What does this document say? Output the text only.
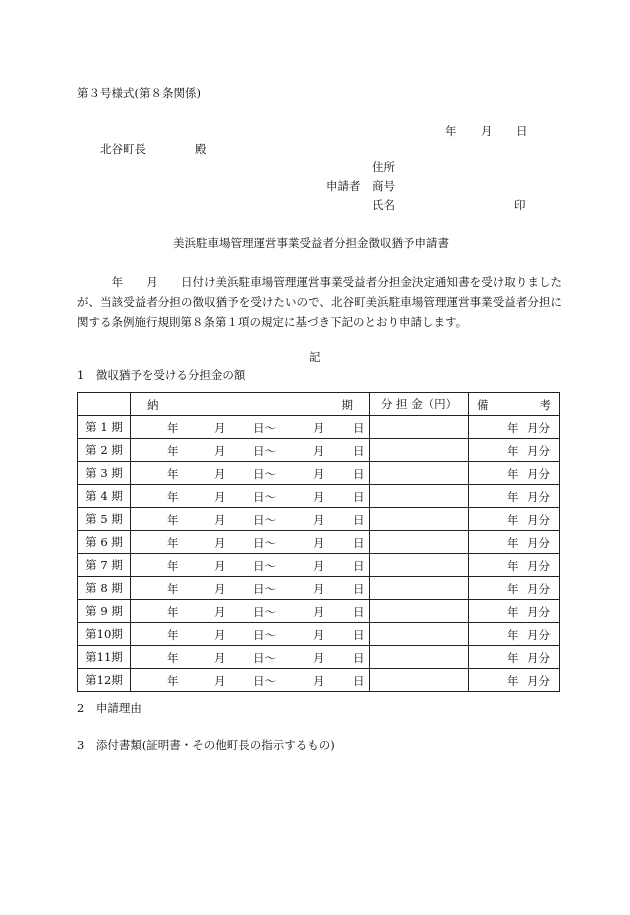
第３号様式(第８条関係)
年 月 日
北谷町長	殿
住所
申請者 商号
氏名	印
美浜駐車場管理運営事業受益者分担金徴収猶予申請書
　　　年　　月　　日付け美浜駐車場管理運営事業受益者分担金決定通知書を受け取りましたが、当該受益者分担の徴収猶予を受けたいので、北谷町美浜駐車場管理運営事業受益者分担に関する条例施行規則第８条第１項の規定に基づき下記のとおり申請します。
記
1　徴収猶予を受ける分担金の額

	納 期	分 担 金（円）	備 考

第 1 期	年 月 日～ 月 日		年 月分

第 2 期	年 月 日～ 月 日		年 月分

第 3 期	年 月 日～ 月 日		年 月分

第 4 期	年 月 日～ 月 日		年 月分

第 5 期	年 月 日～ 月 日		年 月分

第 6 期	年 月 日～ 月 日		年 月分

第 7 期	年 月 日～ 月 日		年 月分

第 8 期	年 月 日～ 月 日		年 月分

第 9 期	年 月 日～ 月 日		年 月分

第10期	年 月 日～ 月 日		年 月分

第11期	年 月 日～ 月 日		年 月分

第12期	年 月 日～ 月 日		年 月分
2　申請理由
3　添付書類(証明書・その他町長の指示するもの)
